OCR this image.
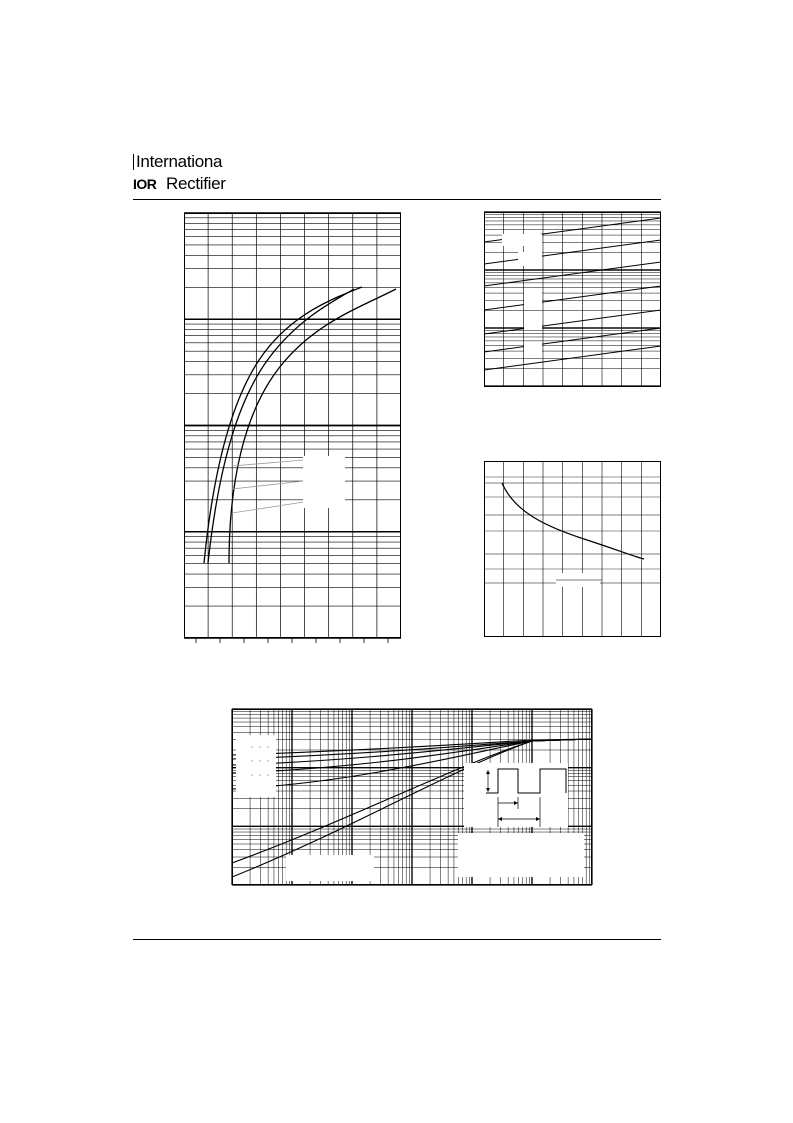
Internationa
IOR Rectifier
